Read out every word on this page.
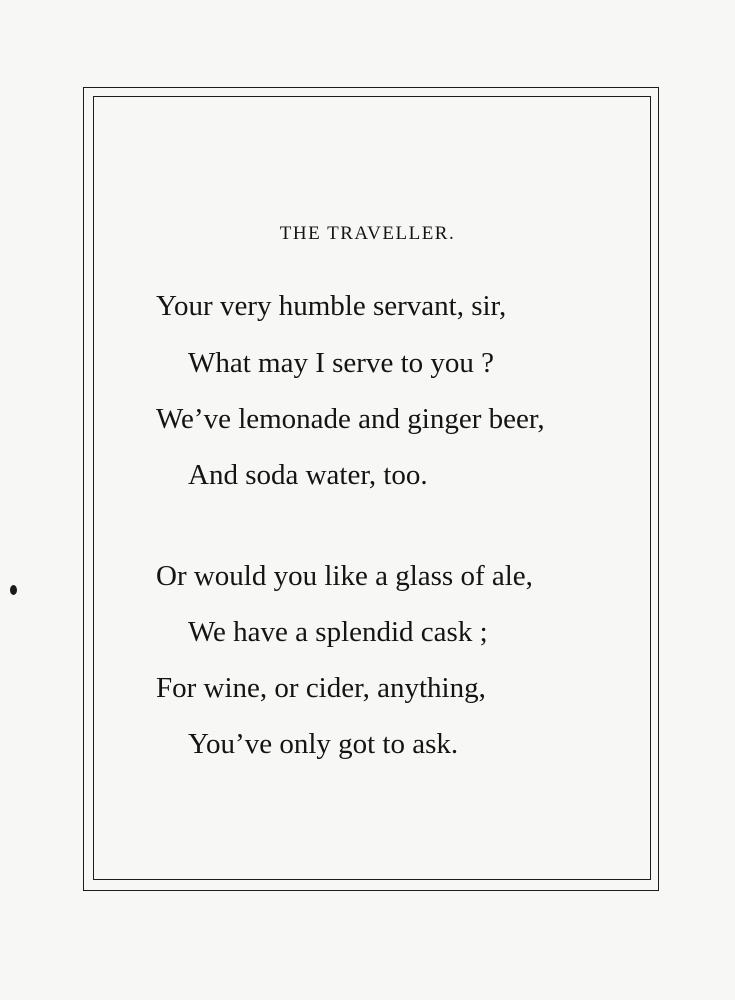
THE TRAVELLER.
Your very humble servant, sir,
What may I serve to you ?
We’ve lemonade and ginger beer,
And soda water, too.
Or would you like a glass of ale,
We have a splendid cask ;
For wine, or cider, anything,
You’ve only got to ask.
